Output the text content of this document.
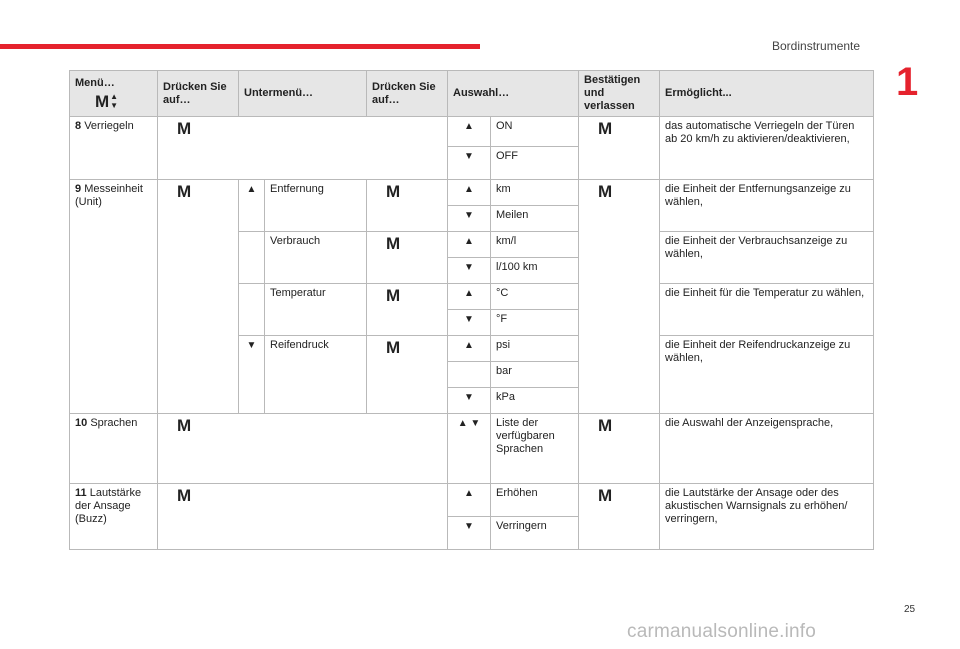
Bordinstrumente
1
Menü…
M ▲
▼	Drücken Sie auf…	Untermenü…		Drücken Sie auf…	Auswahl…		Bestätigen und verlassen	Ermöglicht...
8 Verriegeln	M				▲	ON	M	das automatische Verriegeln der Türen ab 20 km/h zu aktivieren/deaktivieren,

					▼	OFF		
9 Messeinheit (Unit)	M	▲	Entfernung	M	▲	km	M	die Einheit der Entfernungsanzeige zu wählen,

					▼	Meilen		
			Verbrauch	M	▲	km/l		die Einheit der Verbrauchsanzeige zu wählen,

					▼	l/100 km		
			Temperatur	M	▲	°C		die Einheit für die Temperatur zu wählen,

					▼	°F		

		▼	Reifendruck	M	▲	psi		die Einheit der Reifendruckanzeige zu wählen,
						bar		

					▼	kPa		
10 Sprachen	M				▲ ▼	Liste der verfügbaren Sprachen	M	die Auswahl der Anzeigensprache,
11 Lautstärke der Ansage (Buzz)	M				▲	Erhöhen	M	die Lautstärke der Ansage oder des akustischen Warnsignals zu erhöhen/ verringern,

					▼	Verringern		
25
carmanualsonline.info
